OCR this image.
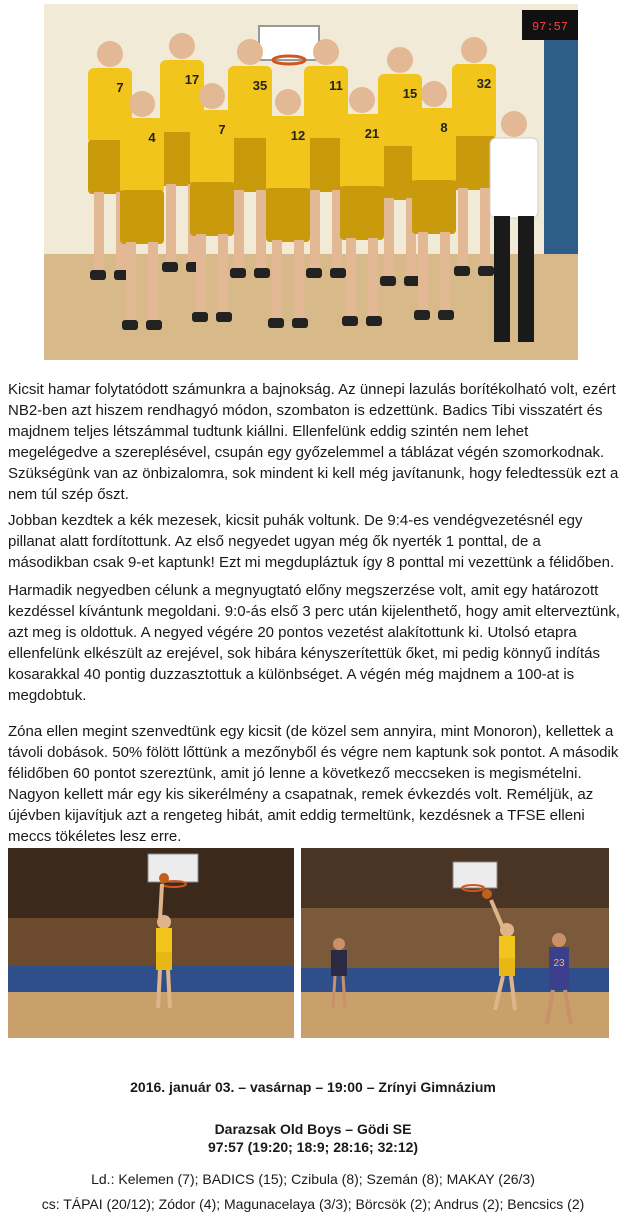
97:57
7
17	35	11
15
32
4
7	12	21	8

Kicsit hamar folytatódott számunkra a bajnokság. Az ünnepi lazulás borítékolható volt, ezért NB2-ben azt hiszem rendhagyó módon, szombaton is edzettünk. Badics Tibi visszatért és majdnem teljes létszámmal tudtunk kiállni. Ellenfelünk eddig szintén nem lehet megelégedve a szereplésével, csupán egy győzelemmel a táblázat végén szomorkodnak. Szükségünk van az önbizalomra, sok mindent ki kell még javítanunk, hogy feledtessük ezt a nem túl szép őszt.

Jobban kezdtek a kék mezesek, kicsit puhák voltunk. De 9:4-es vendégvezetésnél egy pillanat alatt fordítottunk. Az első negyedet ugyan még ők nyerték 1 ponttal, de a másodikban csak 9-et kaptunk! Ezt mi megdupláztuk így 8 ponttal mi vezettünk a félidőben.

Harmadik negyedben célunk a megnyugtató előny megszerzése volt, amit egy határozott kezdéssel kívántunk megoldani. 9:0-ás első 3 perc után kijelenthető, hogy amit elterveztünk, azt meg is oldottuk. A negyed végére 20 pontos vezetést alakítottunk ki. Utolsó etapra ellenfelünk elkészült az erejével, sok hibára kényszerítettük őket, mi pedig könnyű indítás kosarakkal 40 pontig duzzasztottuk a különbséget. A végén még majdnem a 100-at is megdobtuk.

Zóna ellen megint szenvedtünk egy kicsit (de közel sem annyira, mint Monoron), kellettek a távoli dobások. 50% fölött lőttünk a mezőnyből és végre nem kaptunk sok pontot. A második félidőben 60 pontot szereztünk, amit jó lenne a következő meccseken is megismételni. Nagyon kellett már egy kis sikerélmény a csapatnak, remek évkezdés volt. Reméljük, az újévben kijavítjuk azt a rengeteg hibát, amit eddig termeltünk, kezdésnek a TFSE elleni meccs tökéletes lesz erre.

23

2016. január 03. – vasárnap – 19:00 – Zrínyi Gimnázium

Darazsak Old Boys – Gödi SE

97:57 (19:20; 18:9; 28:16; 32:12)

Ld.: Kelemen (7); BADICS (15); Czibula (8); Szemán (8); MAKAY (26/3)

cs: TÁPAI (20/12); Zódor (4); Magunacelaya (3/3); Börcsök (2); Andrus (2); Bencsics (2)
